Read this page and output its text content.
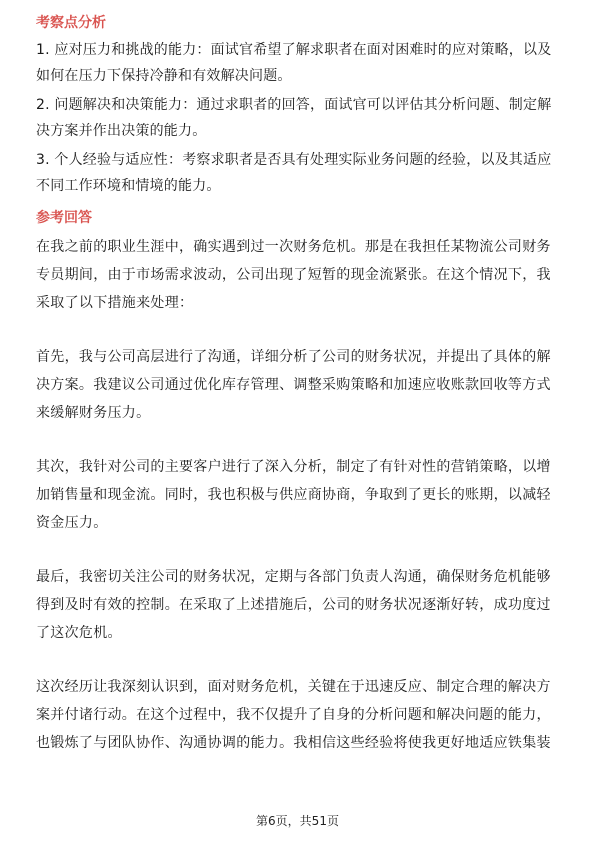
考察点分析
1. 应对压力和挑战的能力：面试官希望了解求职者在面对困难时的应对策略，以及如何在压力下保持冷静和有效解决问题。
2. 问题解决和决策能力：通过求职者的回答，面试官可以评估其分析问题、制定解决方案并作出决策的能力。
3. 个人经验与适应性：考察求职者是否具有处理实际业务问题的经验，以及其适应不同工作环境和情境的能力。
参考回答
在我之前的职业生涯中，确实遇到过一次财务危机。那是在我担任某物流公司财务专员期间，由于市场需求波动，公司出现了短暂的现金流紧张。在这个情况下，我采取了以下措施来处理：
首先，我与公司高层进行了沟通，详细分析了公司的财务状况，并提出了具体的解决方案。我建议公司通过优化库存管理、调整采购策略和加速应收账款回收等方式来缓解财务压力。
其次，我针对公司的主要客户进行了深入分析，制定了有针对性的营销策略，以增加销售量和现金流。同时，我也积极与供应商协商，争取到了更长的账期，以减轻资金压力。
最后，我密切关注公司的财务状况，定期与各部门负责人沟通，确保财务危机能够得到及时有效的控制。在采取了上述措施后，公司的财务状况逐渐好转，成功度过了这次危机。
这次经历让我深刻认识到，面对财务危机，关键在于迅速反应、制定合理的解决方案并付诸行动。在这个过程中，我不仅提升了自身的分析问题和解决问题的能力，也锻炼了与团队协作、沟通协调的能力。我相信这些经验将使我更好地适应铁集装
第6页，共51页
